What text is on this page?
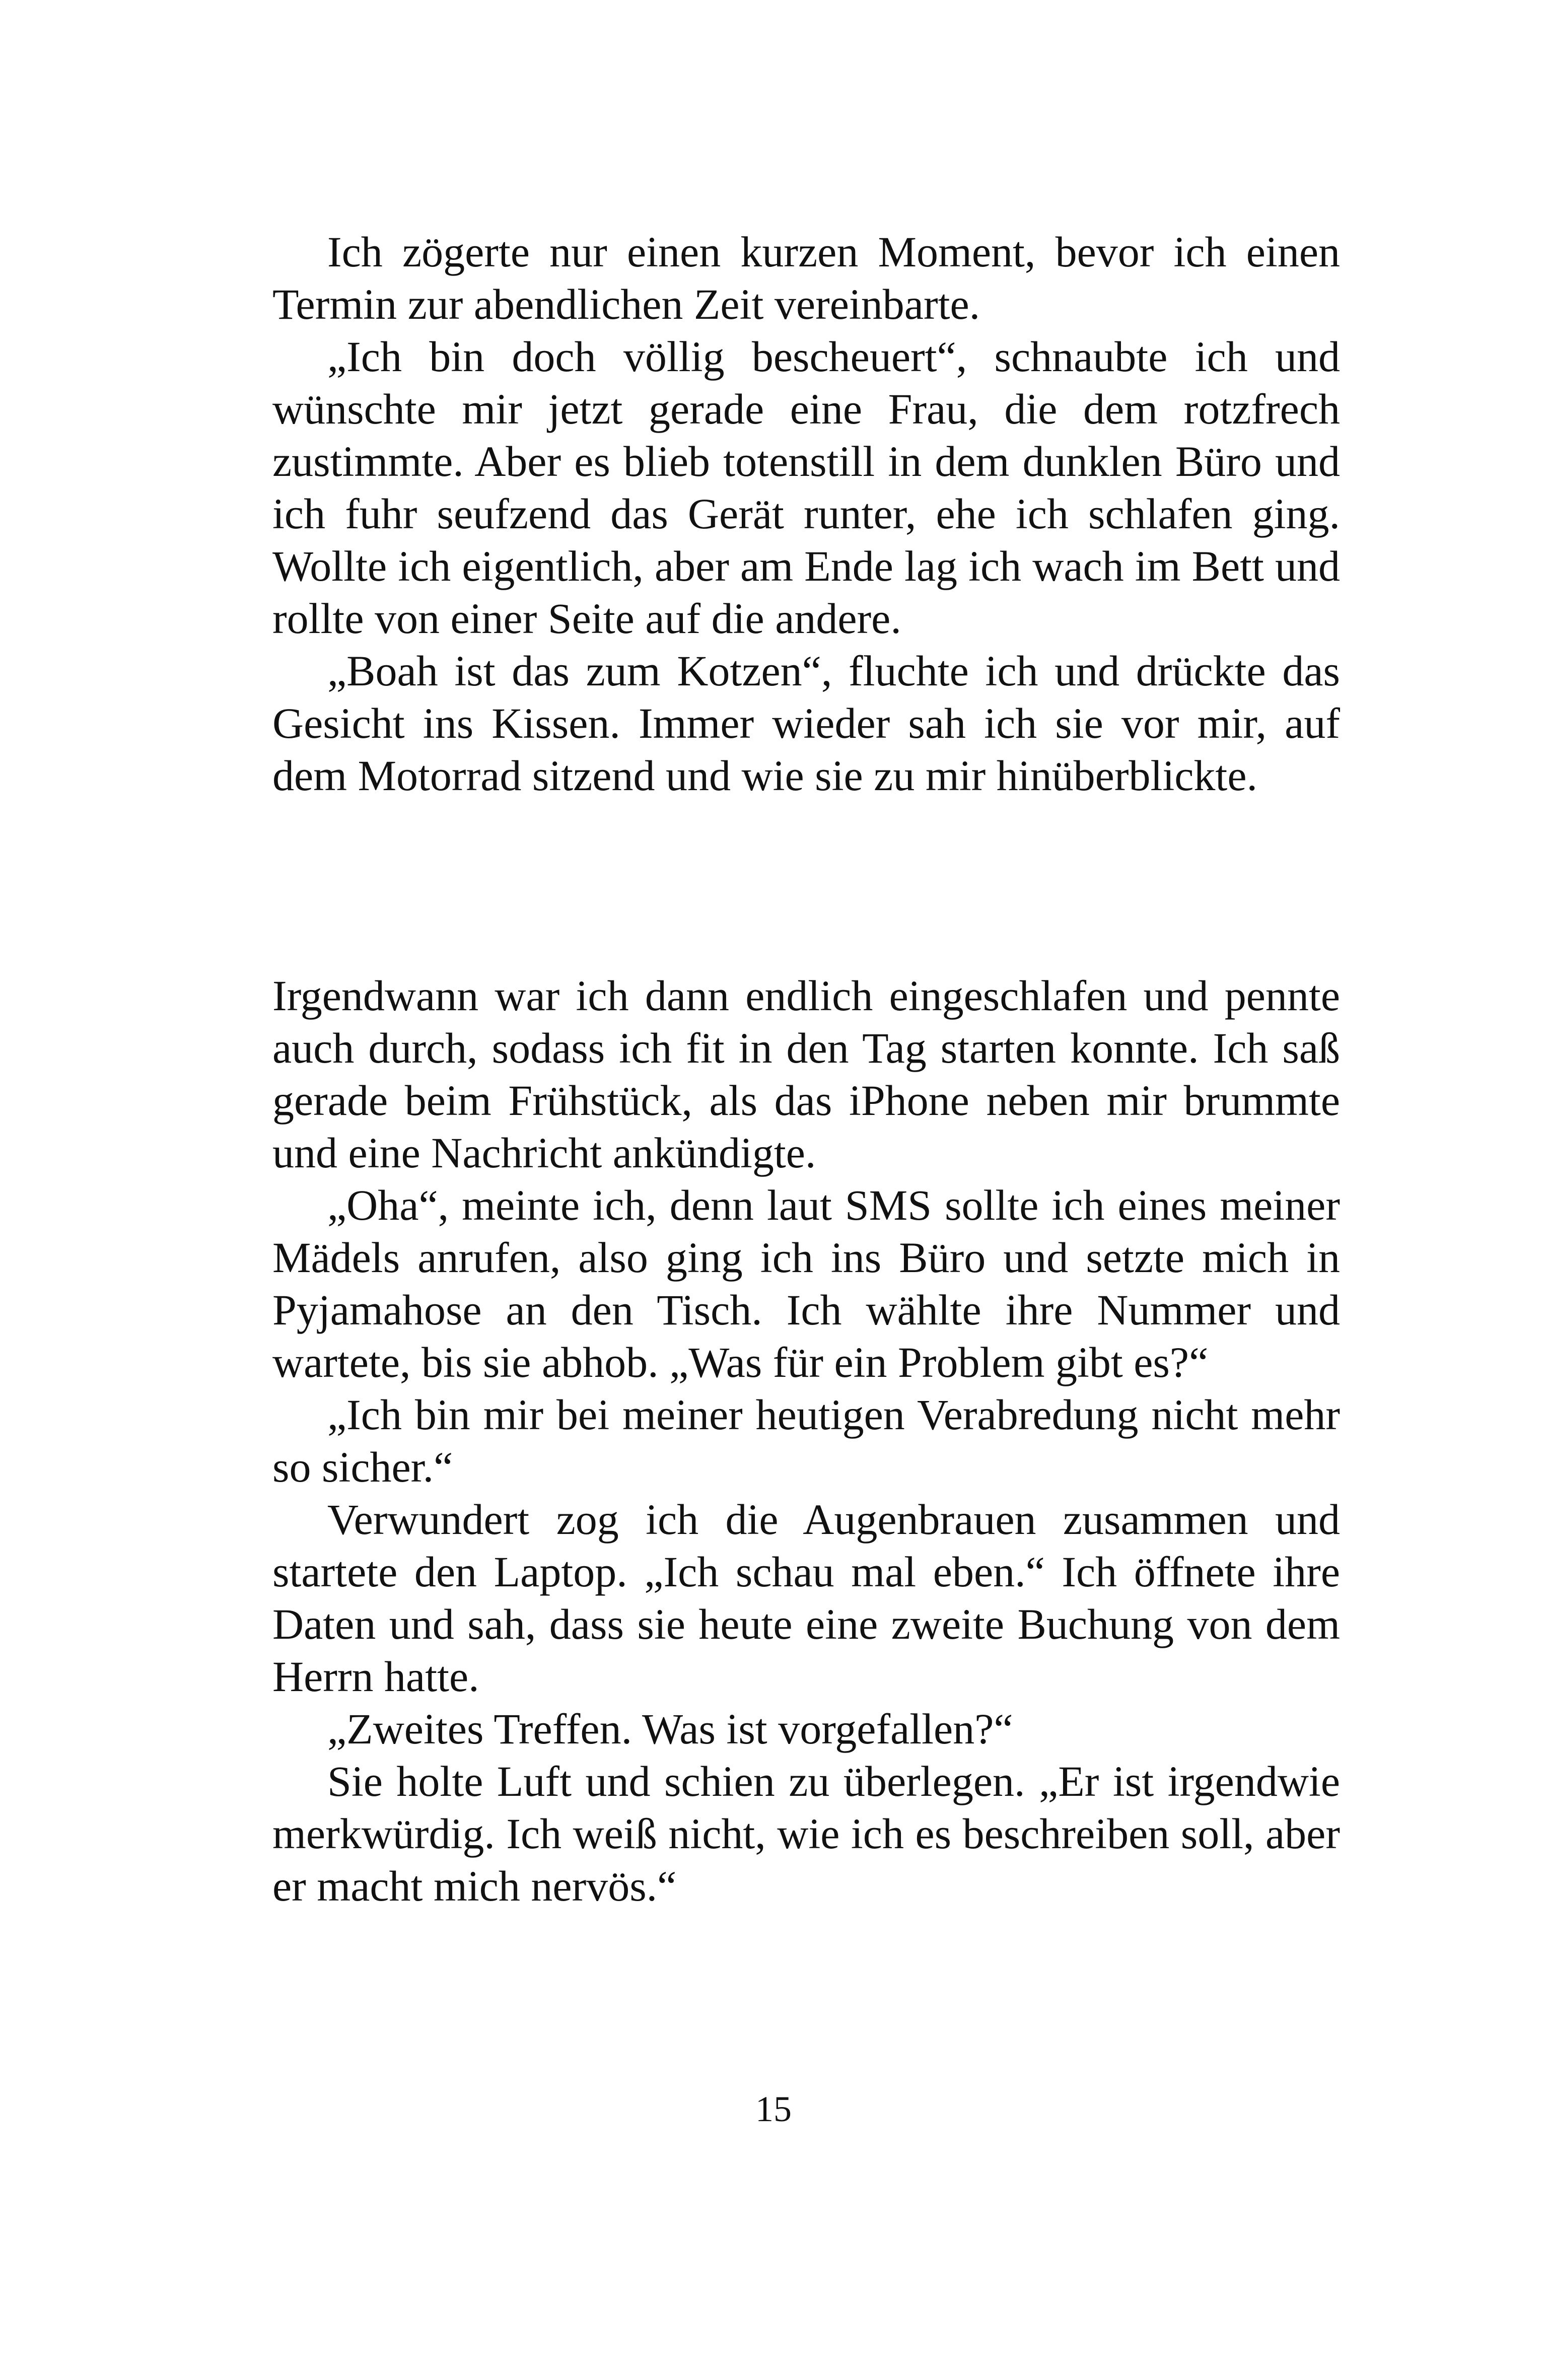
Ich zögerte nur einen kurzen Moment, bevor ich einen Termin zur abendlichen Zeit vereinbarte.

„Ich bin doch völlig bescheuert“, schnaubte ich und wünschte mir jetzt gerade eine Frau, die dem rotzfrech zustimmte. Aber es blieb totenstill in dem dunklen Büro und ich fuhr seufzend das Gerät runter, ehe ich schlafen ging. Wollte ich eigentlich, aber am Ende lag ich wach im Bett und rollte von einer Seite auf die andere.

„Boah ist das zum Kotzen“, fluchte ich und drückte das Gesicht ins Kissen. Immer wieder sah ich sie vor mir, auf dem Motorrad sitzend und wie sie zu mir hinüberblickte.

Irgendwann war ich dann endlich eingeschlafen und pennte auch durch, sodass ich fit in den Tag starten konnte. Ich saß gerade beim Frühstück, als das iPhone neben mir brummte und eine Nachricht ankündigte.

„Oha“, meinte ich, denn laut SMS sollte ich eines meiner Mädels anrufen, also ging ich ins Büro und setzte mich in Pyjamahose an den Tisch. Ich wählte ihre Nummer und wartete, bis sie abhob. „Was für ein Problem gibt es?“

„Ich bin mir bei meiner heutigen Verabredung nicht mehr so sicher.“

Verwundert zog ich die Augenbrauen zusammen und startete den Laptop. „Ich schau mal eben.“ Ich öffnete ihre Daten und sah, dass sie heute eine zweite Buchung von dem Herrn hatte.

„Zweites Treffen. Was ist vorgefallen?“

Sie holte Luft und schien zu überlegen. „Er ist irgendwie merkwürdig. Ich weiß nicht, wie ich es beschreiben soll, aber er macht mich nervös.“

15
